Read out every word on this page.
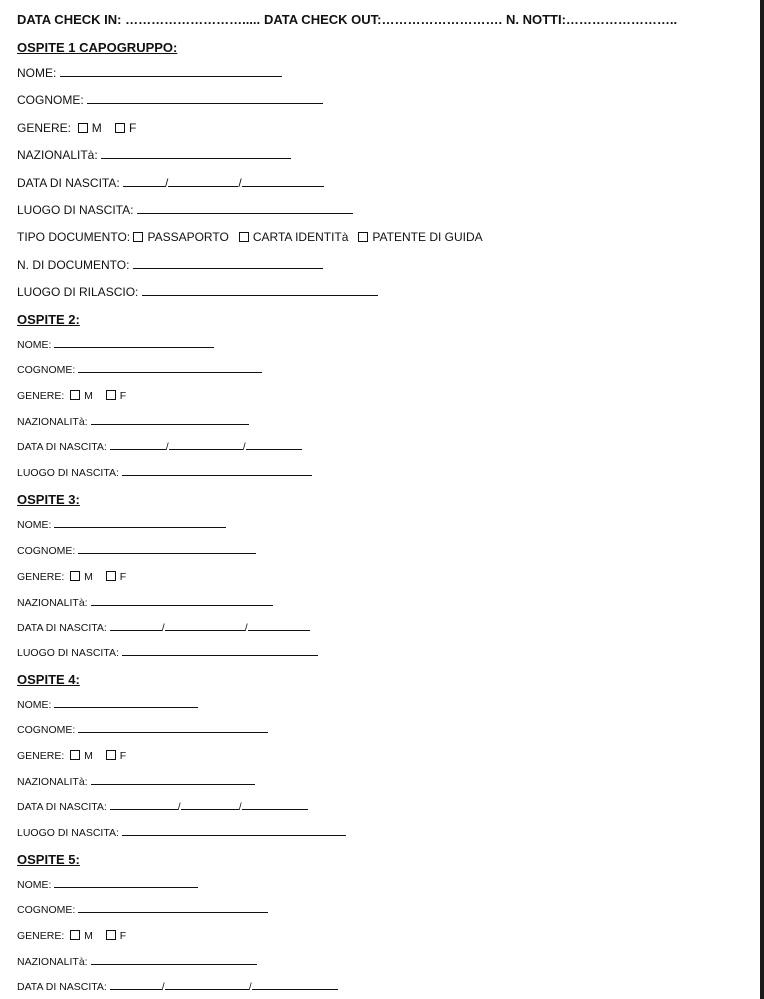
DATA CHECK IN: ………………………..... DATA CHECK OUT:………………………. N. NOTTI:……………………..
OSPITE 1 CAPOGRUPPO:
NOME:
COGNOME:
GENERE: M F
NAZIONALITà:
DATA DI NASCITA:	/	/
LUOGO DI NASCITA:
TIPO DOCUMENTO: PASSAPORTO CARTA IDENTITà PATENTE DI GUIDA
N. DI DOCUMENTO:
LUOGO DI RILASCIO:
OSPITE 2:
NOME:
COGNOME:
GENERE: M	F
NAZIONALITà:
DATA DI NASCITA:	/	/
LUOGO DI NASCITA:
OSPITE 3:
NOME:
COGNOME:
GENERE: M	F
NAZIONALITà:
DATA DI NASCITA:	/	/
LUOGO DI NASCITA:
OSPITE 4:
NOME:
COGNOME:
GENERE: M	F
NAZIONALITà:
DATA DI NASCITA:	/	/
LUOGO DI NASCITA:
OSPITE 5:
NOME:
COGNOME:
GENERE: M	F
NAZIONALITà:
DATA DI NASCITA:	/	/
